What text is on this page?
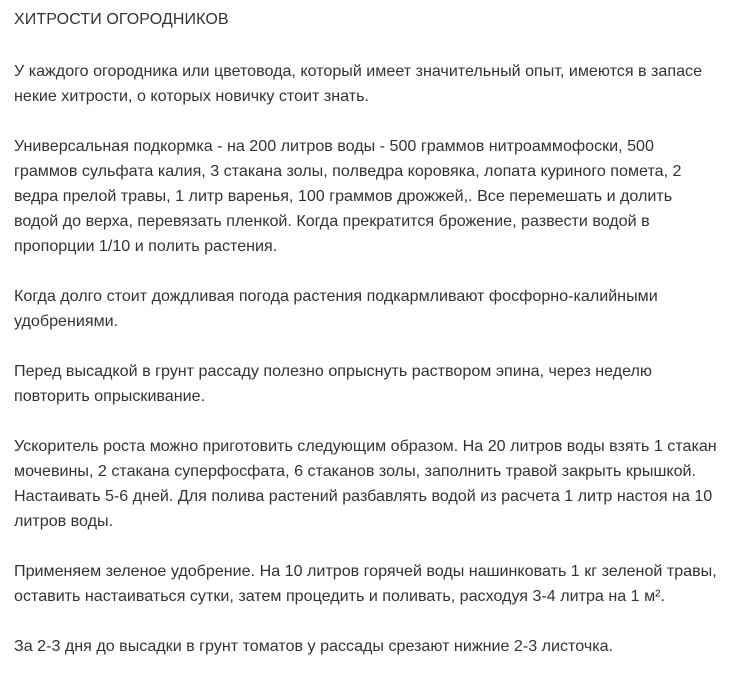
ХИТРОСТИ ОГОРОДНИКОВ

У каждого огородника или цветовода, который имеет значительный опыт, имеются в запасе некие хитрости, о которых новичку стоит знать.

Универсальная подкормка - на 200 литров воды - 500 граммов нитроаммофоски, 500 граммов сульфата калия, 3 стакана золы, полведра коровяка, лопата куриного помета, 2 ведра прелой травы, 1 литр варенья, 100 граммов дрожжей,. Все перемешать и долить водой до верха, перевязать пленкой. Когда прекратится брожение, развести водой в пропорции 1/10 и полить растения.

Когда долго стоит дождливая погода растения подкармливают фосфорно-калийными удобрениями.

Перед высадкой в грунт рассаду полезно опрыснуть раствором эпина, через неделю повторить опрыскивание.

Ускоритель роста можно приготовить следующим образом. На 20 литров воды взять 1 стакан мочевины, 2 стакана суперфосфата, 6 стаканов золы, заполнить травой закрыть крышкой. Настаивать 5-6 дней. Для полива растений разбавлять водой из расчета 1 литр настоя на 10 литров воды.

Применяем зеленое удобрение. На 10 литров горячей воды нашинковать 1 кг зеленой травы, оставить настаиваться сутки, затем процедить и поливать, расходуя 3-4 литра на 1 м².

За 2-3 дня до высадки в грунт томатов у рассады срезают нижние 2-3 листочка.
